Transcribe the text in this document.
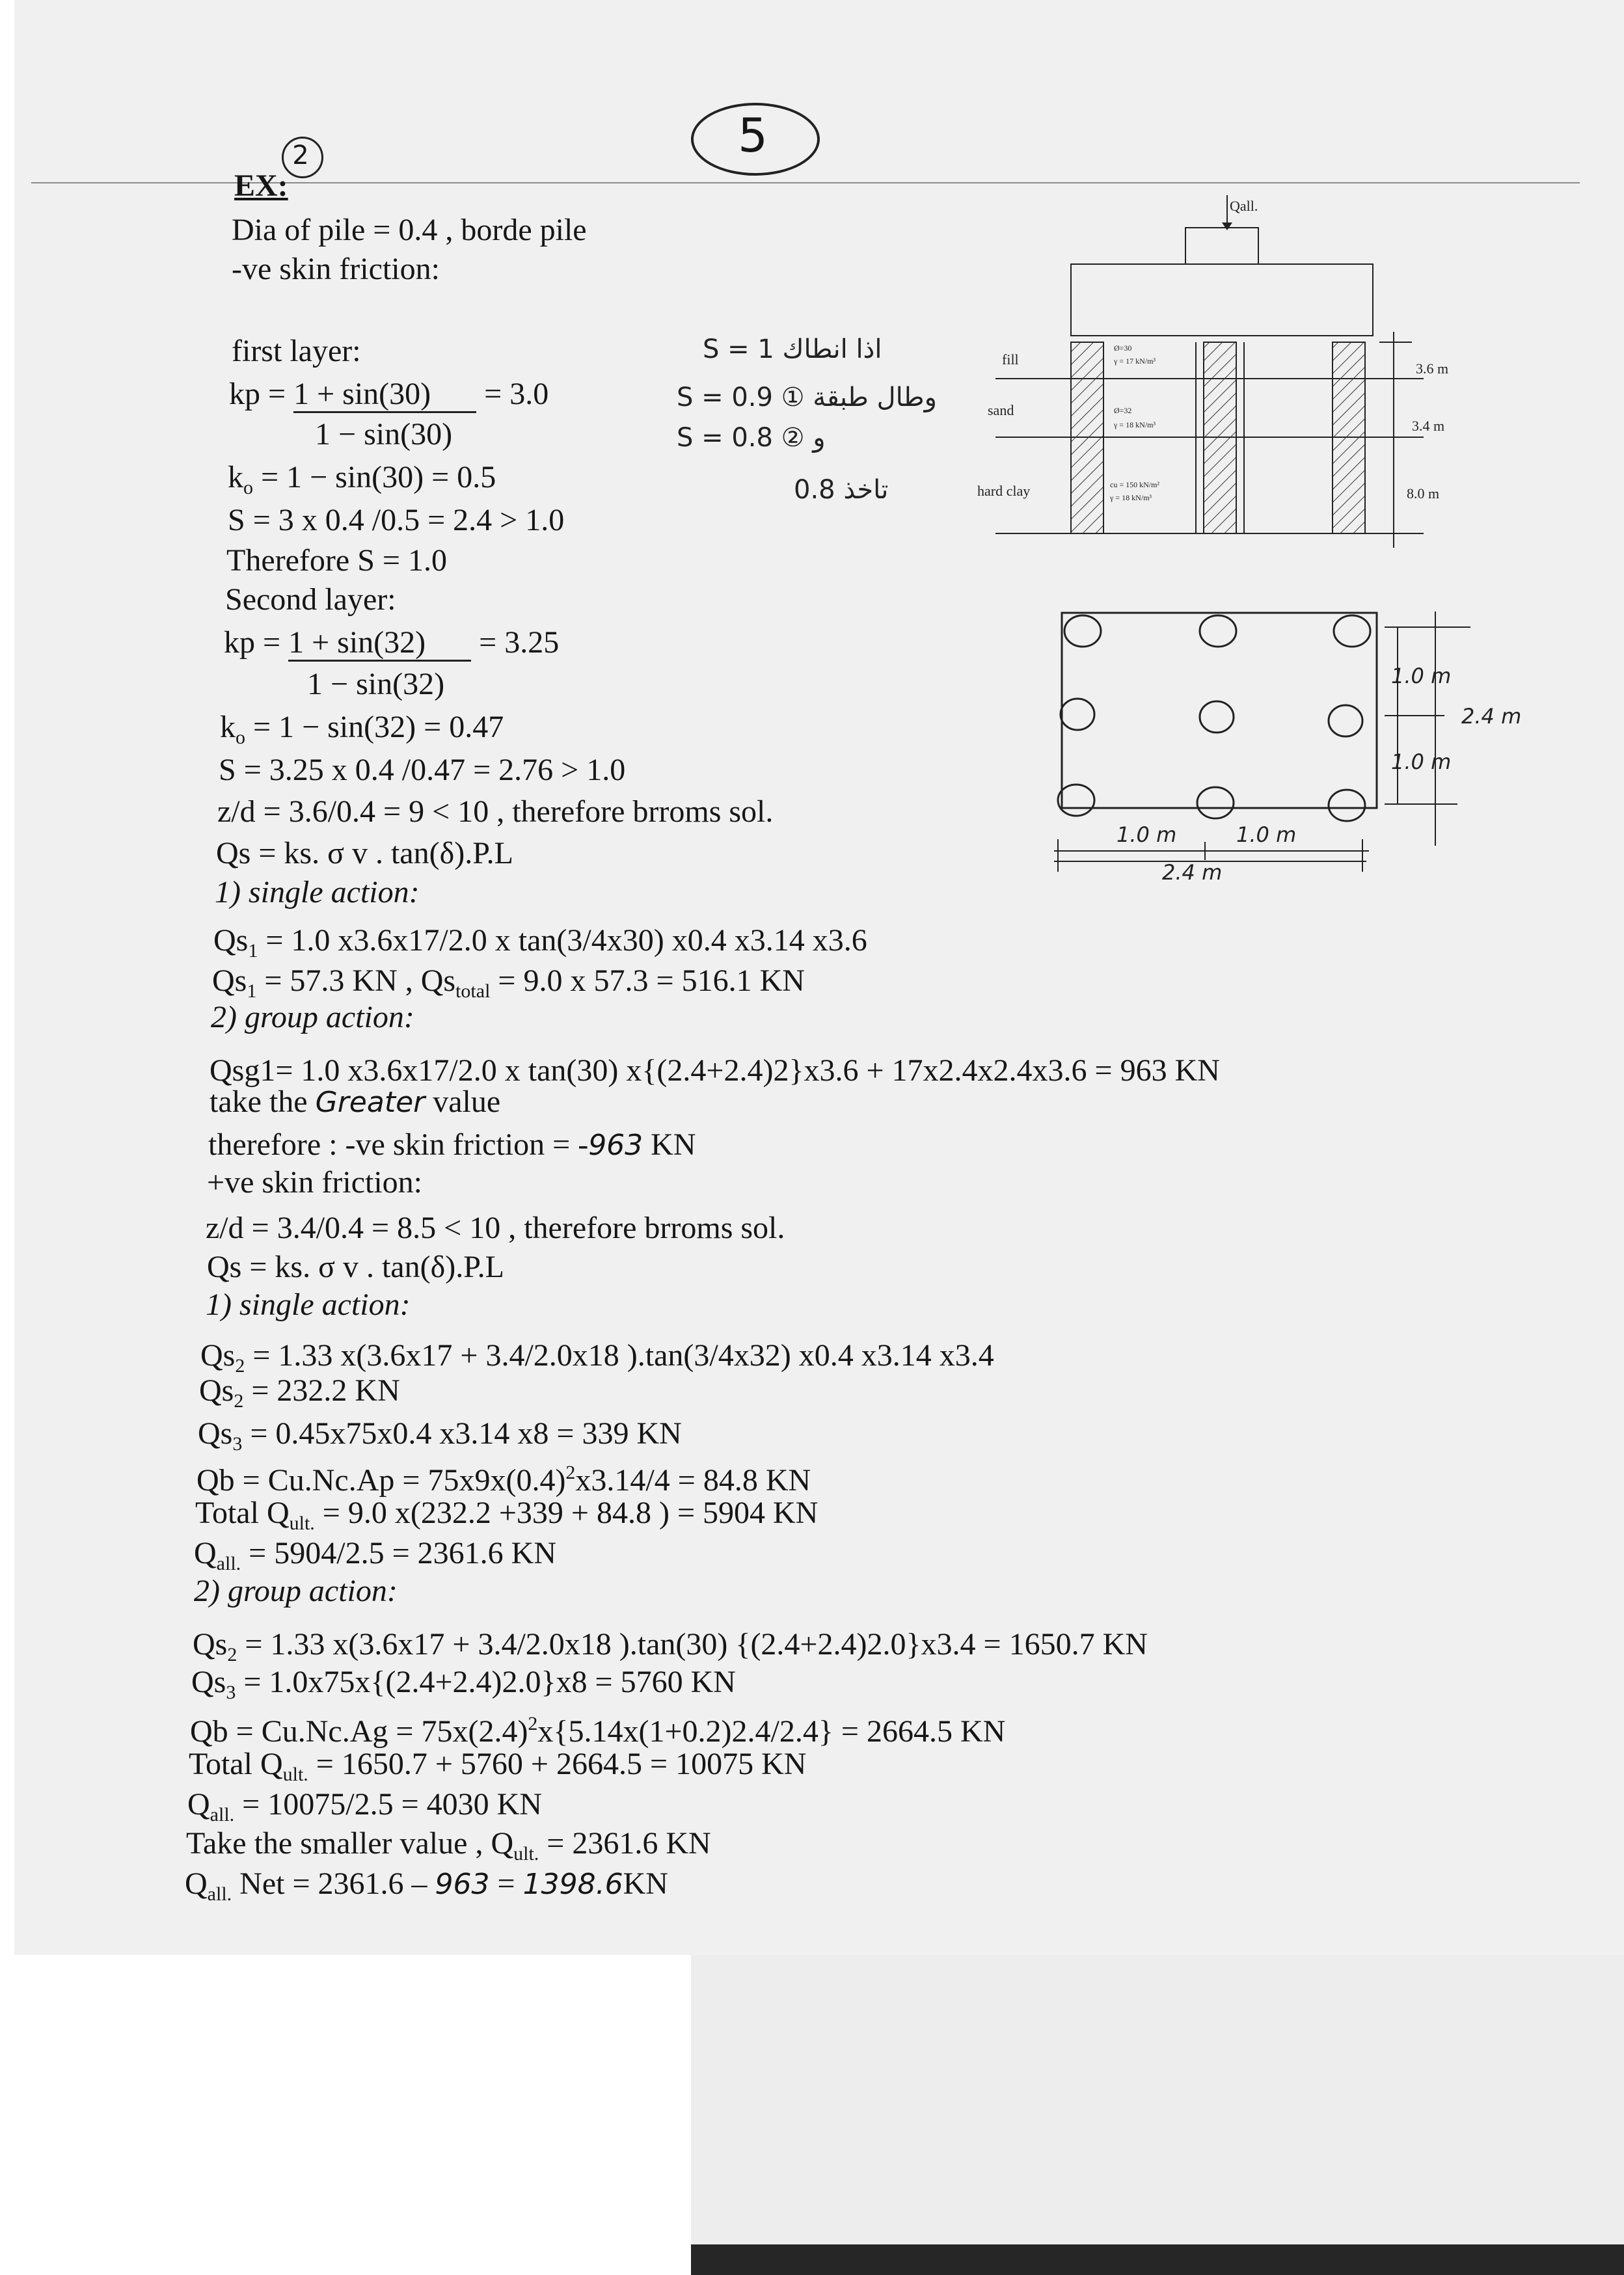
5
2
EX:
Dia of pile = 0.4 , borde pile
-ve skin friction:
first layer:
kp = 1 + sin(30) = 3.0
1 − sin(30)
$k_o = 1 - \sin(30) = 0.5$
S = 3 x 0.4 /0.5 = 2.4 > 1.0
Therefore S = 1.0
Second layer:
kp = 1 + sin(32) = 3.25
1 − sin(32)
$k_o = 1 - \sin(32) = 0.47$
S = 3.25 x 0.4 /0.47 = 2.76 > 1.0
z/d = 3.6/0.4 = 9 < 10 , therefore brroms sol.
Qs = ks. σ v . tan(δ).P.L
1) single action:
$Qs_1 = 1.0$ x3.6x17/2.0 x tan(3/4x30) x0.4 x3.14 x3.6
$Qs_1 = 57.3$ KN , $Qs_{total} = 9.0$ x 57.3 = 516.1 KN
2) group action:
Qsg1= 1.0 x3.6x17/2.0 x tan(30) x{(2.4+2.4)2}x3.6 + 17x2.4x2.4x3.6 = 963 KN
take the Greater value
therefore : -ve skin friction = -963 KN
+ve skin friction:
z/d = 3.4/0.4 = 8.5 < 10 , therefore brroms sol.
Qs = ks. σ v . tan(δ).P.L
1) single action:
$Qs_2 = 1.33$ x(3.6x17 + 3.4/2.0x18 ).tan(3/4x32) x0.4 x3.14 x3.4
$Qs_2 = 232.2$ KN
$Qs_3 = 0.45x75x0.4$ x3.14 x8 = 339 KN
$Qb = Cu.Nc.Ap = 75x9x(0.4)^2x3.14/4 = 84.8$ KN
Total $Q_{ult.} = 9.0$ x(232.2 +339 + 84.8 ) = 5904 KN
$Q_{all.} = 5904/2.5 = 2361.6$ KN
2) group action:
$Qs_2 = 1.33$ x(3.6x17 + 3.4/2.0x18 ).tan(30) {(2.4+2.4)2.0}x3.4 = 1650.7 KN
$Qs_3 = 1.0x75x\{(2.4+2.4)2.0\}x8 = 5760$ KN
$Qb = Cu.Nc.Ag = 75x(2.4)^2x\{5.14x(1+0.2)2.4/2.4\} = 2664.5$ KN
Total $Q_{ult.} = 1650.7 + 5760 + 2664.5 = 10075$ KN
$Q_{all.} = 10075/2.5 = 4030$ KN
Take the smaller value , $Q_{ult.} = 2361.6$ KN
$Q_{all.}$ Net = 2361.6 – 963 = 1398.6KN
اذا انطاك S = 1
وطال طبقة ① S = 0.9
و ② S = 0.8
تاخذ 0.8
Qall.
fill
sand
hard clay
Ø=30
γ = 17 kN/m³
Ø=32
γ = 18 kN/m³
cu = 150 kN/m²
γ = 18 kN/m³
3.6 m
3.4 m
8.0 m
1.0 m
1.0 m
2.4 m
1.0 m	1.0 m
2.4 m
